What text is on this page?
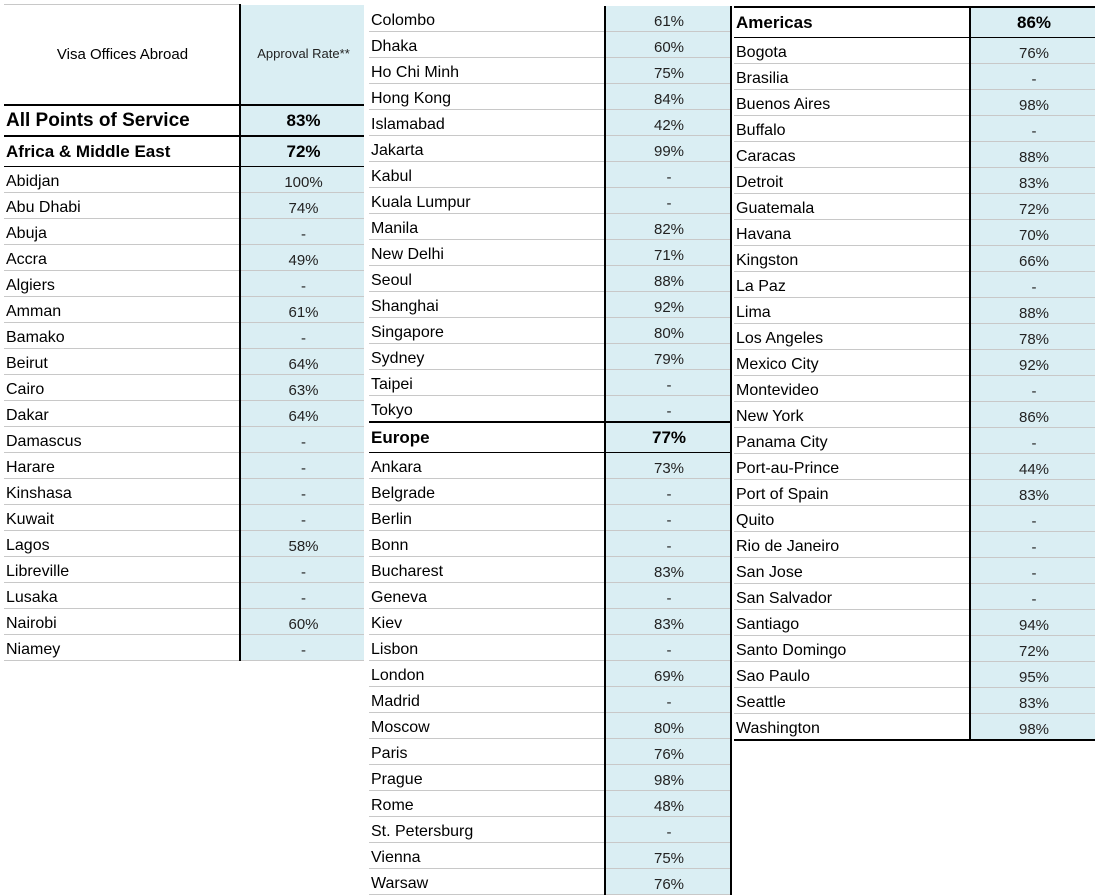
Visa Offices Abroad	Approval Rate**
All Points of Service	83%
Africa & Middle East	72%
Abidjan	100%
Abu Dhabi	74%
Abuja	-
Accra	49%
Algiers	-
Amman	61%
Bamako	-
Beirut	64%
Cairo	63%
Dakar	64%
Damascus	-
Harare	-
Kinshasa	-
Kuwait	-
Lagos	58%
Libreville	-
Lusaka	-
Nairobi	60%
Niamey	-
Colombo	61%
Dhaka	60%
Ho Chi Minh	75%
Hong Kong	84%
Islamabad	42%
Jakarta	99%
Kabul	-
Kuala Lumpur	-
Manila	82%
New Delhi	71%
Seoul	88%
Shanghai	92%
Singapore	80%
Sydney	79%
Taipei	-
Tokyo	-
Europe	77%
Ankara	73%
Belgrade	-
Berlin	-
Bonn	-
Bucharest	83%
Geneva	-
Kiev	83%
Lisbon	-
London	69%
Madrid	-
Moscow	80%
Paris	76%
Prague	98%
Rome	48%
St. Petersburg	-
Vienna	75%
Warsaw	76%
Americas	86%
Bogota	76%
Brasilia	-
Buenos Aires	98%
Buffalo	-
Caracas	88%
Detroit	83%
Guatemala	72%
Havana	70%
Kingston	66%
La Paz	-
Lima	88%
Los Angeles	78%
Mexico City	92%
Montevideo	-
New York	86%
Panama City	-
Port-au-Prince	44%
Port of Spain	83%
Quito	-
Rio de Janeiro	-
San Jose	-
San Salvador	-
Santiago	94%
Santo Domingo	72%
Sao Paulo	95%
Seattle	83%
Washington	98%
